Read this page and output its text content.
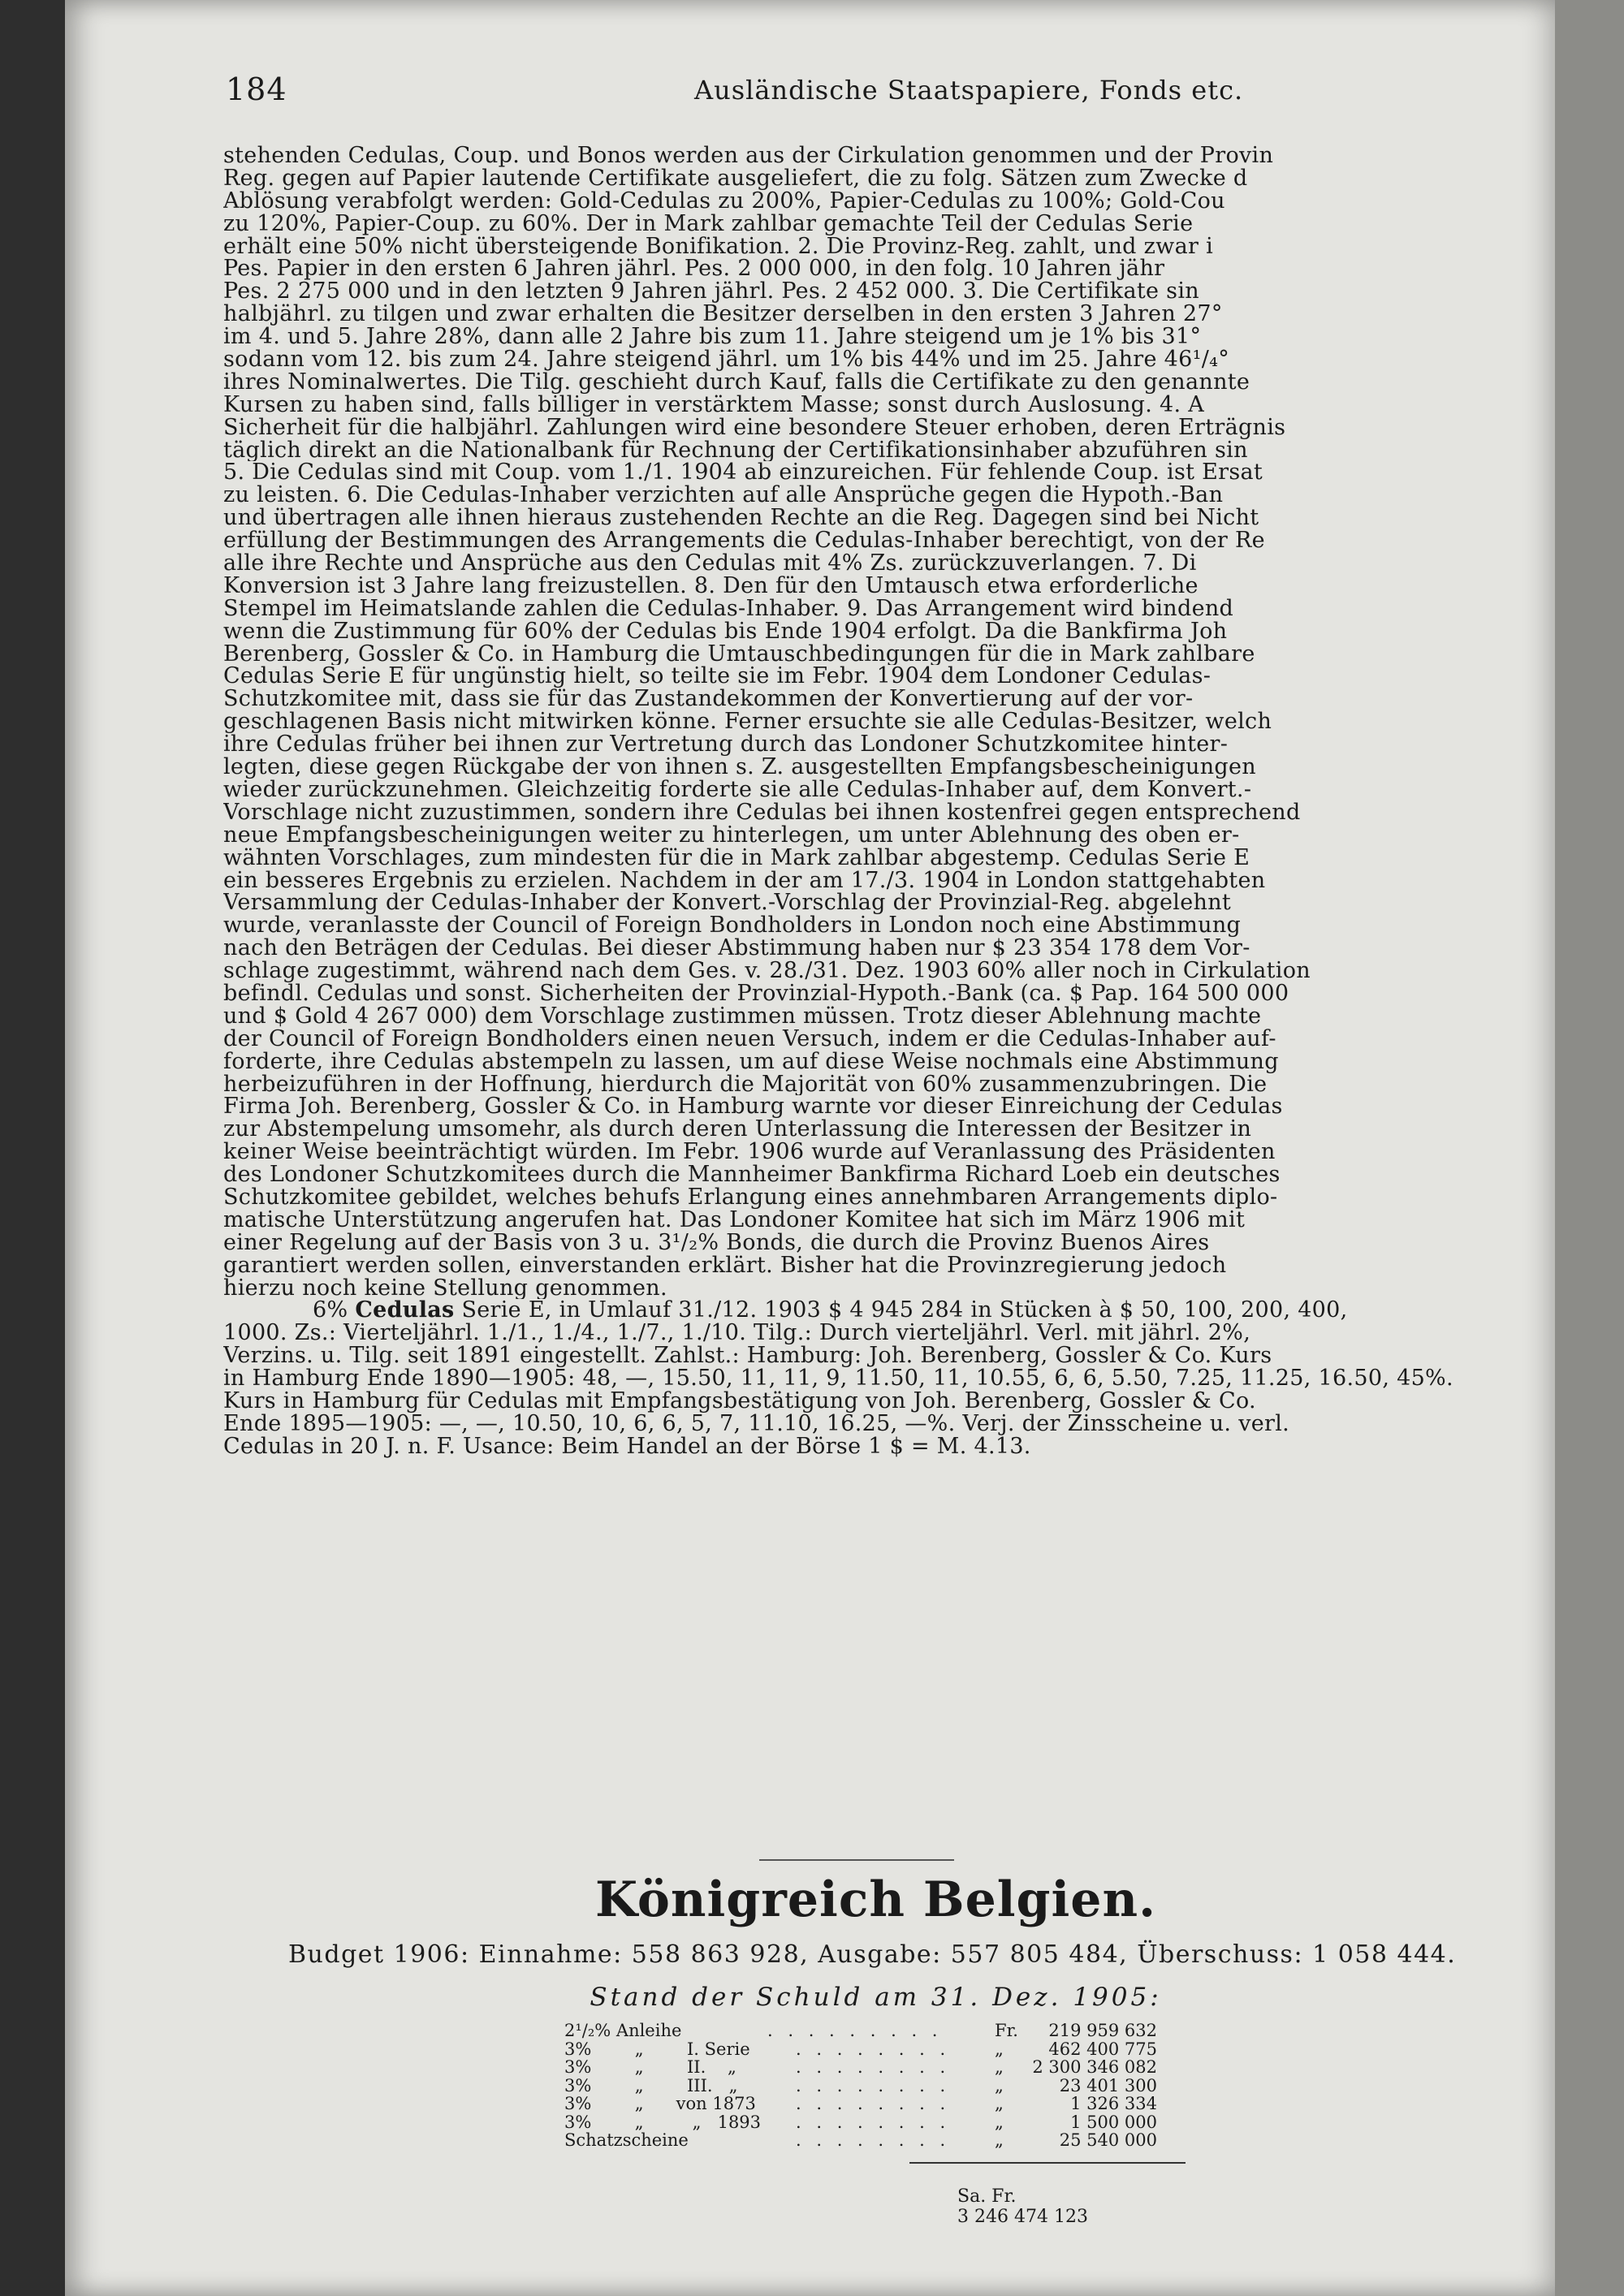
184	Ausländische Staatspapiere, Fonds etc.
stehenden Cedulas, Coup. und Bonos werden aus der Cirkulation genommen und der Provin
Reg. gegen auf Papier lautende Certifikate ausgeliefert, die zu folg. Sätzen zum Zwecke d
Ablösung verabfolgt werden: Gold-Cedulas zu 200%, Papier-Cedulas zu 100%; Gold-Cou
zu 120%, Papier-Coup. zu 60%. Der in Mark zahlbar gemachte Teil der Cedulas Serie
erhält eine 50% nicht übersteigende Bonifikation. 2. Die Provinz-Reg. zahlt, und zwar i
Pes. Papier in den ersten 6 Jahren jährl. Pes. 2 000 000, in den folg. 10 Jahren jähr
Pes. 2 275 000 und in den letzten 9 Jahren jährl. Pes. 2 452 000. 3. Die Certifikate sin
halbjährl. zu tilgen und zwar erhalten die Besitzer derselben in den ersten 3 Jahren 27°
im 4. und 5. Jahre 28%, dann alle 2 Jahre bis zum 11. Jahre steigend um je 1% bis 31°
sodann vom 12. bis zum 24. Jahre steigend jährl. um 1% bis 44% und im 25. Jahre 46¹/₄°
ihres Nominalwertes. Die Tilg. geschieht durch Kauf, falls die Certifikate zu den genannte
Kursen zu haben sind, falls billiger in verstärktem Masse; sonst durch Auslosung. 4. A
Sicherheit für die halbjährl. Zahlungen wird eine besondere Steuer erhoben, deren Erträgnis
täglich direkt an die Nationalbank für Rechnung der Certifikationsinhaber abzuführen sin
5. Die Cedulas sind mit Coup. vom 1./1. 1904 ab einzureichen. Für fehlende Coup. ist Ersat
zu leisten. 6. Die Cedulas-Inhaber verzichten auf alle Ansprüche gegen die Hypoth.-Ban
und übertragen alle ihnen hieraus zustehenden Rechte an die Reg. Dagegen sind bei Nicht
erfüllung der Bestimmungen des Arrangements die Cedulas-Inhaber berechtigt, von der Re
alle ihre Rechte und Ansprüche aus den Cedulas mit 4% Zs. zurückzuverlangen. 7. Di
Konversion ist 3 Jahre lang freizustellen. 8. Den für den Umtausch etwa erforderliche
Stempel im Heimatslande zahlen die Cedulas-Inhaber. 9. Das Arrangement wird bindend
wenn die Zustimmung für 60% der Cedulas bis Ende 1904 erfolgt. Da die Bankfirma Joh
Berenberg, Gossler & Co. in Hamburg die Umtauschbedingungen für die in Mark zahlbare
Cedulas Serie E für ungünstig hielt, so teilte sie im Febr. 1904 dem Londoner Cedulas-
Schutzkomitee mit, dass sie für das Zustandekommen der Konvertierung auf der vor-
geschlagenen Basis nicht mitwirken könne. Ferner ersuchte sie alle Cedulas-Besitzer, welch
ihre Cedulas früher bei ihnen zur Vertretung durch das Londoner Schutzkomitee hinter-
legten, diese gegen Rückgabe der von ihnen s. Z. ausgestellten Empfangsbescheinigungen
wieder zurückzunehmen. Gleichzeitig forderte sie alle Cedulas-Inhaber auf, dem Konvert.-
Vorschlage nicht zuzustimmen, sondern ihre Cedulas bei ihnen kostenfrei gegen entsprechend
neue Empfangsbescheinigungen weiter zu hinterlegen, um unter Ablehnung des oben er-
wähnten Vorschlages, zum mindesten für die in Mark zahlbar abgestemp. Cedulas Serie E
ein besseres Ergebnis zu erzielen. Nachdem in der am 17./3. 1904 in London stattgehabten
Versammlung der Cedulas-Inhaber der Konvert.-Vorschlag der Provinzial-Reg. abgelehnt
wurde, veranlasste der Council of Foreign Bondholders in London noch eine Abstimmung
nach den Beträgen der Cedulas. Bei dieser Abstimmung haben nur $ 23 354 178 dem Vor-
schlage zugestimmt, während nach dem Ges. v. 28./31. Dez. 1903 60% aller noch in Cirkulation
befindl. Cedulas und sonst. Sicherheiten der Provinzial-Hypoth.-Bank (ca. $ Pap. 164 500 000
und $ Gold 4 267 000) dem Vorschlage zustimmen müssen. Trotz dieser Ablehnung machte
der Council of Foreign Bondholders einen neuen Versuch, indem er die Cedulas-Inhaber auf-
forderte, ihre Cedulas abstempeln zu lassen, um auf diese Weise nochmals eine Abstimmung
herbeizuführen in der Hoffnung, hierdurch die Majorität von 60% zusammenzubringen. Die
Firma Joh. Berenberg, Gossler & Co. in Hamburg warnte vor dieser Einreichung der Cedulas
zur Abstempelung umsomehr, als durch deren Unterlassung die Interessen der Besitzer in
keiner Weise beeinträchtigt würden. Im Febr. 1906 wurde auf Veranlassung des Präsidenten
des Londoner Schutzkomitees durch die Mannheimer Bankfirma Richard Loeb ein deutsches
Schutzkomitee gebildet, welches behufs Erlangung eines annehmbaren Arrangements diplo-
matische Unterstützung angerufen hat. Das Londoner Komitee hat sich im März 1906 mit
einer Regelung auf der Basis von 3 u. 3¹/₂% Bonds, die durch die Provinz Buenos Aires
garantiert werden sollen, einverstanden erklärt. Bisher hat die Provinzregierung jedoch
hierzu noch keine Stellung genommen.
6% Cedulas Serie E, in Umlauf 31./12. 1903 $ 4 945 284 in Stücken à $ 50, 100, 200, 400,
1000. Zs.: Vierteljährl. 1./1., 1./4., 1./7., 1./10. Tilg.: Durch vierteljährl. Verl. mit jährl. 2%,
Verzins. u. Tilg. seit 1891 eingestellt. Zahlst.: Hamburg: Joh. Berenberg, Gossler & Co. Kurs
in Hamburg Ende 1890—1905: 48, —, 15.50, 11, 11, 9, 11.50, 11, 10.55, 6, 6, 5.50, 7.25, 11.25, 16.50, 45%.
Kurs in Hamburg für Cedulas mit Empfangsbestätigung von Joh. Berenberg, Gossler & Co.
Ende 1895—1905: —, —, 10.50, 10, 6, 6, 5, 7, 11.10, 16.25, —%. Verj. der Zinsscheine u. verl.
Cedulas in 20 J. n. F. Usance: Beim Handel an der Börse 1 $ = M. 4.13.
Königreich Belgien.
Budget 1906: Einnahme: 558 863 928, Ausgabe: 557 805 484, Überschuss: 1 058 444.
Stand der Schuld am 31. Dez. 1905:
2¹/₂% Anleihe	. . . . . . . . .	Fr. 219 959 632
3%        „        I. Serie	. . . . . . . .	„	462 400 775
3%        „        II.    „	. . . . . . . .	„ 2 300 346 082
3%        „        III.   „	. . . . . . . .	„	23 401 300
3%        „      von 1873 . . . . . . . .	„	1 326 334
3%        „         „   1893 . . . . . . . .	„	1 500 000
Schatzscheine	. . . . . . . .	„	25 540 000

Sa. Fr.
3 246 474 123
